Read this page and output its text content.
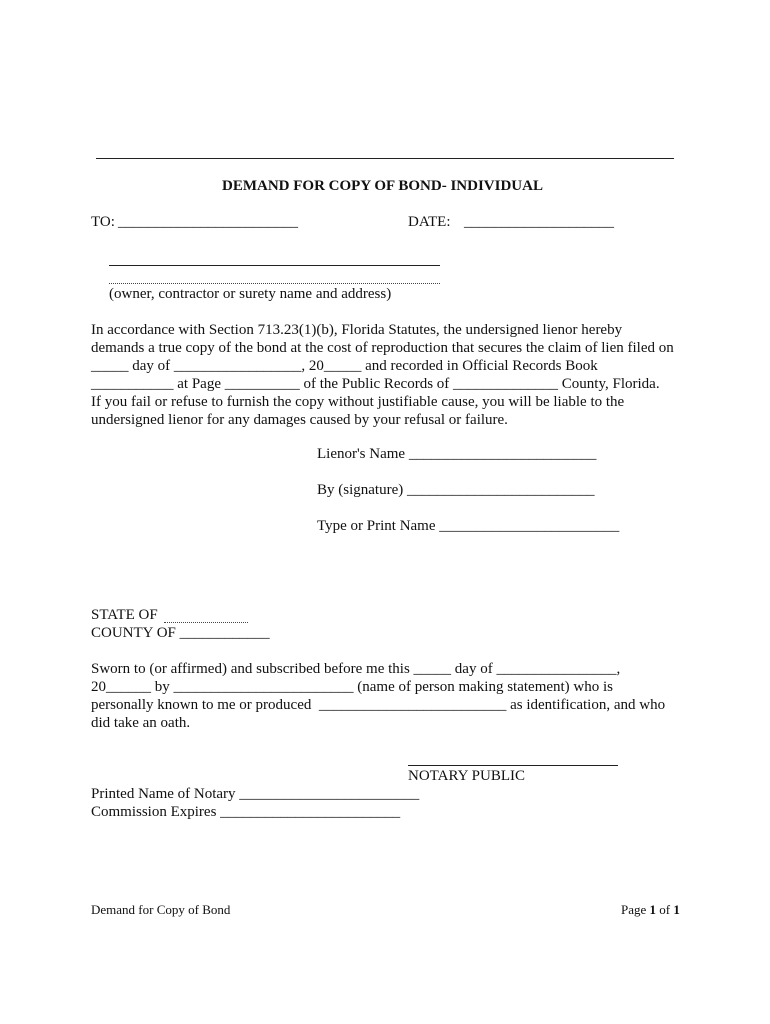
DEMAND FOR COPY OF BOND- INDIVIDUAL
TO: ________________________	DATE: ____________________
(owner, contractor or surety name and address)
In accordance with Section 713.23(1)(b), Florida Statutes, the undersigned lienor hereby
demands a true copy of the bond at the cost of reproduction that secures the claim of lien filed on
_____ day of _________________, 20_____ and recorded in Official Records Book
___________ at Page __________ of the Public Records of ______________ County, Florida.
If you fail or refuse to furnish the copy without justifiable cause, you will be liable to the
undersigned lienor for any damages caused by your refusal or failure.
Lienor's Name _________________________
By (signature) _________________________
Type or Print Name ________________________
STATE OF
COUNTY OF ____________
Sworn to (or affirmed) and subscribed before me this _____ day of ________________,
20______ by ________________________ (name of person making statement) who is
personally known to me or produced  _________________________ as identification, and who
did take an oath.
NOTARY PUBLIC
Printed Name of Notary ________________________
Commission Expires ________________________
Demand for Copy of Bond	Page 1 of 1
